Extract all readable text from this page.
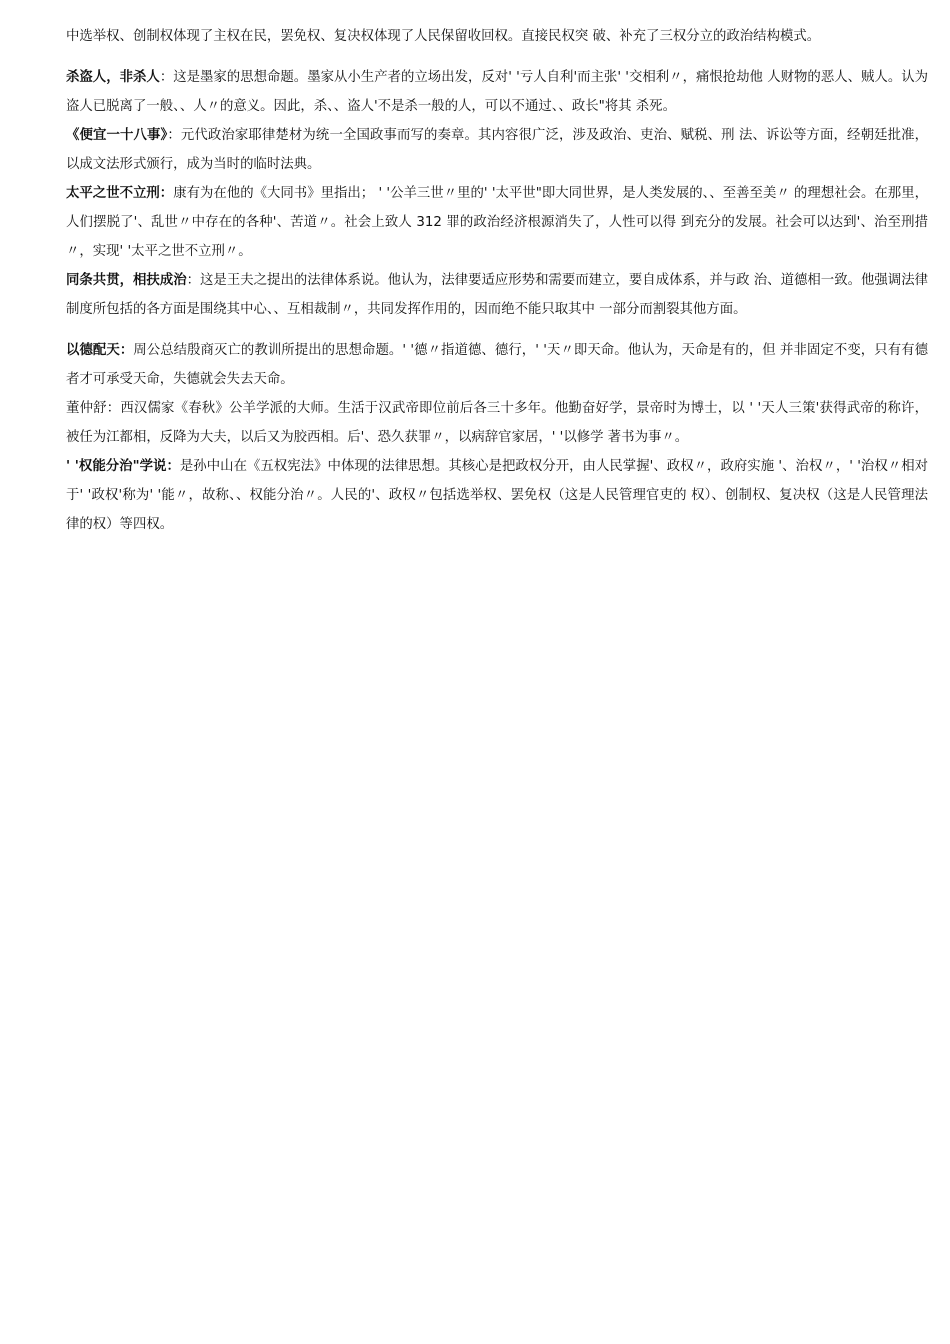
中选举权、创制权体现了主权在民，罢免权、复决权体现了人民保留收回权。直接民权突 破、补充了三权分立的政治结构模式。

杀盗人，非杀人：这是墨家的思想命题。墨家从小生产者的立场出发，反对' '亏人自利'而主张' '交相利〃，痛恨抢劫他 人财物的恶人、贼人。认为盗人已脱离了一般、、人〃的意义。因此，杀、、盗人'不是杀一般的人，可以不通过、、政长"将其 杀死。

《便宜一十八事》：元代政治家耶律楚材为统一全国政事而写的奏章。其内容很广泛，涉及政治、吏治、赋税、刑 法、诉讼等方面，经朝廷批准，以成文法形式颁行，成为当时的临时法典。

太平之世不立刑：康有为在他的《大同书》里指出； ' '公羊三世〃里的' '太平世"即大同世界，是人类发展的、、至善至美〃 的理想社会。在那里，人们摆脱了'、乱世〃中存在的各种'、苦道〃。社会上致人 312 罪的政治经济根源消失了，人性可以得 到充分的发展。社会可以达到'、治至刑措〃，实现' '太平之世不立刑〃。

同条共贯，相扶成治：这是王夫之提出的法律体系说。他认为，法律要适应形势和需要而建立，要自成体系，并与政 治、道德相一致。他强调法律制度所包括的各方面是围绕其中心、、互相裁制〃，共同发挥作用的，因而绝不能只取其中 一部分而割裂其他方面。

以德配天：周公总结殷商灭亡的教训所提出的思想命题。' '德〃指道德、德行，' '天〃即天命。他认为，天命是有的，但 并非固定不变，只有有德者才可承受天命，失德就会失去天命。

董仲舒：西汉儒家《春秋》公羊学派的大师。生活于汉武帝即位前后各三十多年。他勤奋好学，景帝时为博士，以 ' '天人三策'获得武帝的称许，被任为江都相，反降为大夫，以后又为胶西相。后'、恐久获罪〃，以病辞官家居，' '以修学 著书为事〃。

' '权能分治"学说：是孙中山在《五权宪法》中体现的法律思想。其核心是把政权分开，由人民掌握'、政权〃，政府实施 '、治权〃，' '治权〃相对于' '政权'称为' '能〃，故称、、权能分治〃。人民的'、政权〃包括选举权、罢免权（这是人民管理官吏的 权）、创制权、复决权（这是人民管理法律的权）等四权。
